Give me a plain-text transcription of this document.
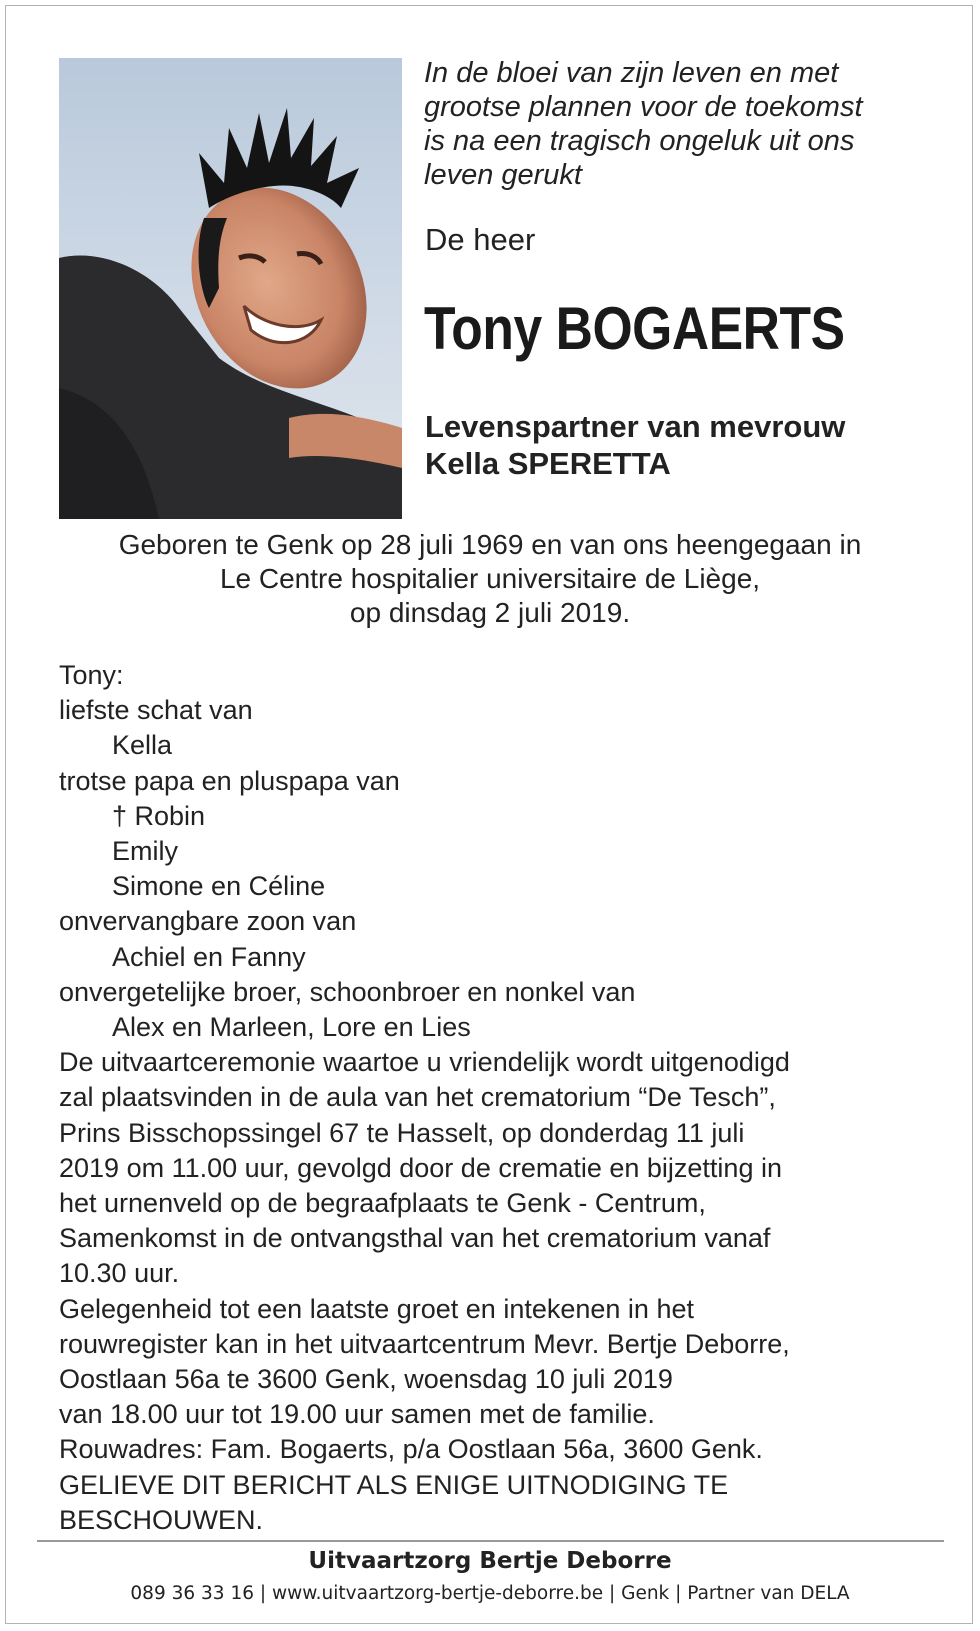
In de bloei van zijn leven en met
grootse plannen voor de toekomst
is na een tragisch ongeluk uit ons
leven gerukt
De heer
Tony BOGAERTS
Levenspartner van mevrouw
Kella SPERETTA
Geboren te Genk op 28 juli 1969 en van ons heengegaan in
Le Centre hospitalier universitaire de Liège,
op dinsdag 2 juli 2019.
Tony:
liefste schat van
Kella
trotse papa en pluspapa van
† Robin
Emily
Simone en Céline
onvervangbare zoon van
Achiel en Fanny
onvergetelijke broer, schoonbroer en nonkel van
Alex en Marleen, Lore en Lies
De uitvaartceremonie waartoe u vriendelijk wordt uitgenodigd
zal plaatsvinden in de aula van het crematorium “De Tesch”,
Prins Bisschopssingel 67 te Hasselt, op donderdag 11 juli
2019 om 11.00 uur, gevolgd door de crematie en bijzetting in
het urnenveld op de begraafplaats te Genk - Centrum,
Samenkomst in de ontvangsthal van het crematorium vanaf
10.30 uur.
Gelegenheid tot een laatste groet en intekenen in het
rouwregister kan in het uitvaartcentrum Mevr. Bertje Deborre,
Oostlaan 56a te 3600 Genk, woensdag 10 juli 2019
van 18.00 uur tot 19.00 uur samen met de familie.
Rouwadres: Fam. Bogaerts, p/a Oostlaan 56a, 3600 Genk.
GELIEVE DIT BERICHT ALS ENIGE UITNODIGING TE
BESCHOUWEN.
Uitvaartzorg Bertje Deborre
089 36 33 16 | www.uitvaartzorg-bertje-deborre.be | Genk | Partner van DELA
